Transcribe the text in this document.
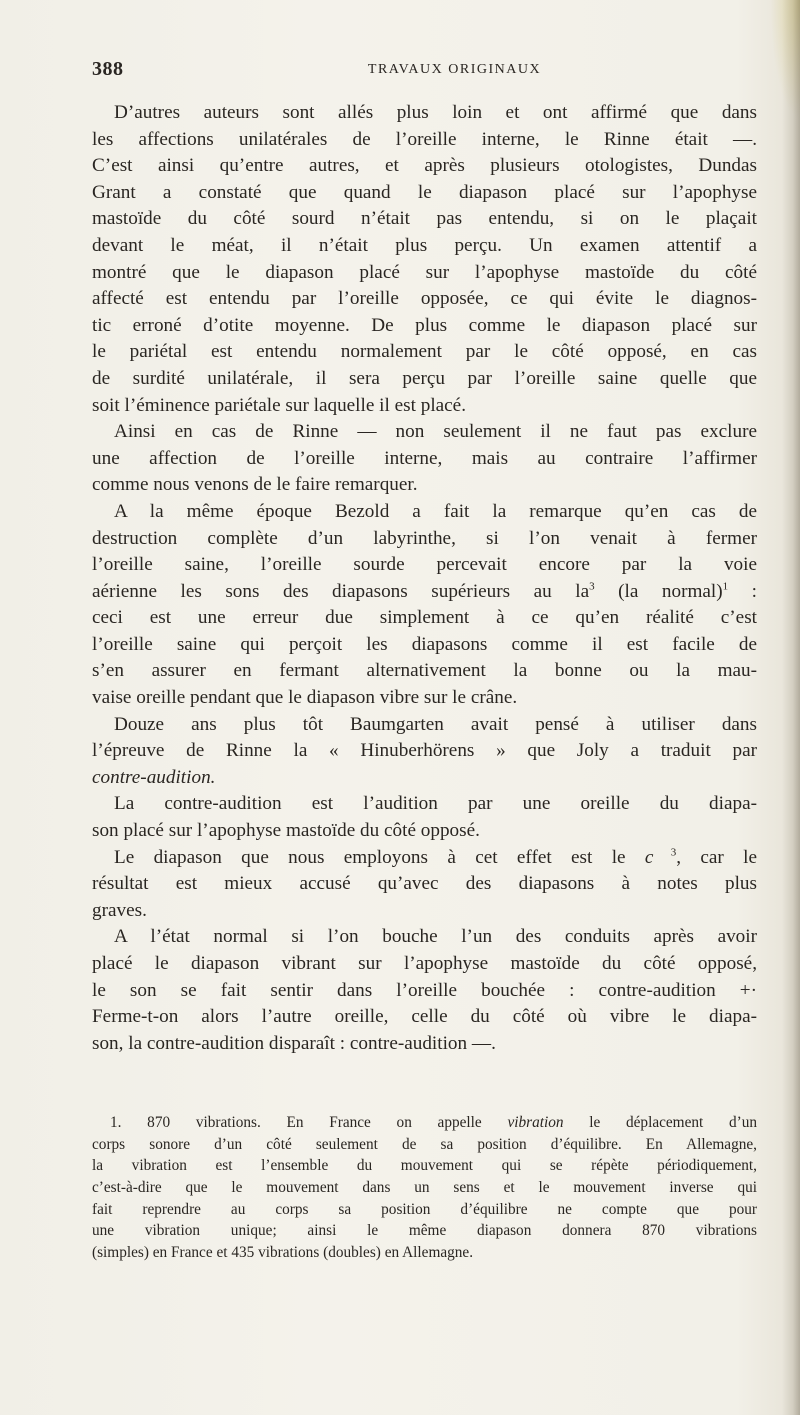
388	TRAVAUX ORIGINAUX
D’autres auteurs sont allés plus loin et ont affirmé que dans
les affections unilatérales de l’oreille interne, le Rinne était —.
C’est ainsi qu’entre autres, et après plusieurs otologistes, Dundas
Grant a constaté que quand le diapason placé sur l’apophyse
mastoïde du côté sourd n’était pas entendu, si on le plaçait
devant le méat, il n’était plus perçu. Un examen attentif a
montré que le diapason placé sur l’apophyse mastoïde du côté
affecté est entendu par l’oreille opposée, ce qui évite le diagnos-
tic erroné d’otite moyenne. De plus comme le diapason placé sur
le pariétal est entendu normalement par le côté opposé, en cas
de surdité unilatérale, il sera perçu par l’oreille saine quelle que
soit l’éminence pariétale sur laquelle il est placé.
Ainsi en cas de Rinne — non seulement il ne faut pas exclure
une affection de l’oreille interne, mais au contraire l’affirmer
comme nous venons de le faire remarquer.
A la même époque Bezold a fait la remarque qu’en cas de
destruction complète d’un labyrinthe, si l’on venait à fermer
l’oreille saine, l’oreille sourde percevait encore par la voie
aérienne les sons des diapasons supérieurs au $la^3$ (la normal)$^1$ :
ceci est une erreur due simplement à ce qu’en réalité c’est
l’oreille saine qui perçoit les diapasons comme il est facile de
s’en assurer en fermant alternativement la bonne ou la mau-
vaise oreille pendant que le diapason vibre sur le crâne.
Douze ans plus tôt Baumgarten avait pensé à utiliser dans
l’épreuve de Rinne la « Hinuberhörens » que Joly a traduit par
contre-audition.
La contre-audition est l’audition par une oreille du diapa-
son placé sur l’apophyse mastoïde du côté opposé.
Le diapason que nous employons à cet effet est le c $^3$, car le
résultat est mieux accusé qu’avec des diapasons à notes plus
graves.
A l’état normal si l’on bouche l’un des conduits après avoir
placé le diapason vibrant sur l’apophyse mastoïde du côté opposé,
le son se fait sentir dans l’oreille bouchée : contre-audition +·
Ferme-t-on alors l’autre oreille, celle du côté où vibre le diapa-
son, la contre-audition disparaît : contre-audition —.
1. 870 vibrations. En France on appelle vibration le déplacement d’un
corps sonore d’un côté seulement de sa position d’équilibre. En Allemagne,
la vibration est l’ensemble du mouvement qui se répète périodiquement,
c’est-à-dire que le mouvement dans un sens et le mouvement inverse qui
fait reprendre au corps sa position d’équilibre ne compte que pour
une vibration unique; ainsi le même diapason donnera 870 vibrations
(simples) en France et 435 vibrations (doubles) en Allemagne.
